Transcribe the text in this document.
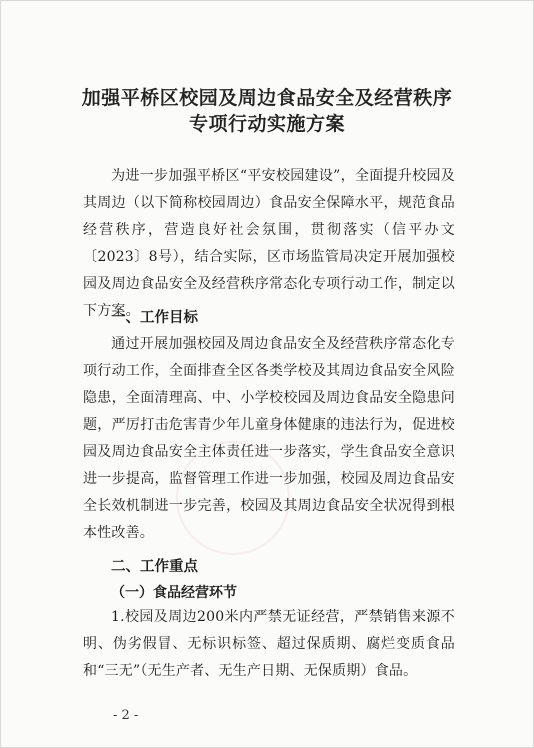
加强平桥区校园及周边食品安全及经营秩序
专项行动实施方案
为进一步加强平桥区“平安校园建设”，全面提升校园及其周边（以下简称校园周边）食品安全保障水平，规范食品经营秩序，营造良好社会氛围，贯彻落实（信平办文〔2023〕8号），结合实际，区市场监管局决定开展加强校园及周边食品安全及经营秩序常态化专项行动工作，制定以下方案。
一、工作目标
通过开展加强校园及周边食品安全及经营秩序常态化专项行动工作，全面排查全区各类学校及其周边食品安全风险隐患，全面清理高、中、小学校校园及周边食品安全隐患问题，严厉打击危害青少年儿童身体健康的违法行为，促进校园及周边食品安全主体责任进一步落实，学生食品安全意识进一步提高，监督管理工作进一步加强，校园及周边食品安全长效机制进一步完善，校园及其周边食品安全状况得到根本性改善。
二、工作重点
（一）食品经营环节
1.校园及周边200米内严禁无证经营，严禁销售来源不明、伪劣假冒、无标识标签、超过保质期、腐烂变质食品和“三无”（无生产者、无生产日期、无保质期）食品。
- 2 -
